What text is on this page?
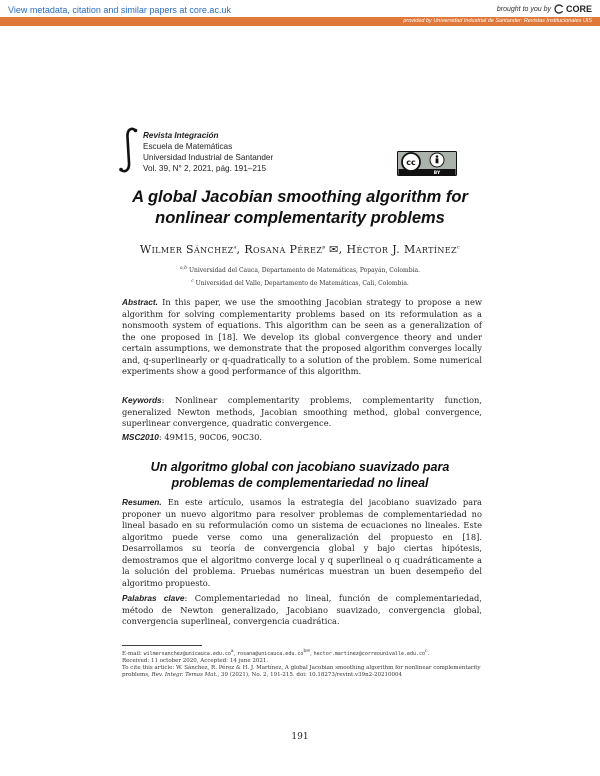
View metadata, citation and similar papers at core.ac.uk	brought to you by CORE
provided by Universidad Industrial de Santander: Revistas Institucionales UIS
Revista Integración
Escuela de Matemáticas
Universidad Industrial de Santander
Vol. 39, N° 2, 2021, pág. 191–215
cc
BY
A global Jacobian smoothing algorithm for
nonlinear complementarity problems
Wilmer Sánchez$^a$, Rosana Pérez$^b$ ✉, Héctor J. Martínez$^c$
$^{a,b}$ Universidad del Cauca, Departamento de Matemáticas, Popayán, Colombia.
$^c$ Universidad del Valle, Departamento de Matemáticas, Cali, Colombia.
Abstract. In this paper, we use the smoothing Jacobian strategy to propose a new algorithm for solving complementarity problems based on its reformulation as a nonsmooth system of equations. This algorithm can be seen as a generalization of the one proposed in [18]. We develop its global convergence theory and under certain assumptions, we demonstrate that the proposed algorithm converges locally and, q-superlinearly or q-quadratically to a solution of the problem. Some numerical experiments show a good performance of this algorithm.
Keywords: Nonlinear complementarity problems, complementarity function, generalized Newton methods, Jacobian smoothing method, global convergence, superlinear convergence, quadratic convergence.
MSC2010: 49M15, 90C06, 90C30.
Un algoritmo global con jacobiano suavizado para
problemas de complementariedad no lineal
Resumen. En este artículo, usamos la estrategia del jacobiano suavizado para proponer un nuevo algoritmo para resolver problemas de complementariedad no lineal basado en su reformulación como un sistema de ecuaciones no lineales. Este algoritmo puede verse como una generalización del propuesto en [18]. Desarrollamos su teoría de convergencia global y bajo ciertas hipótesis, demostramos que el algoritmo converge local y q superlineal o q cuadráticamente a la solución del problema. Pruebas numéricas muestran un buen desempeño del algoritmo propuesto.
Palabras clave: Complementariedad no lineal, función de complementariedad, método de Newton generalizado, Jacobiano suavizado, convergencia global, convergencia superlineal, convergencia cuadrática.
E-mail: $wilmersanchez@unicauca.edu.co^a$, $rosana@unicauca.edu.co^{b✉}$, $hector.martinez@correounivalle.edu.co^c$.
Received: 11 october 2020, Accepted: 14 june 2021.
To cite this article: W. Sánchez, R. Pérez & H. J. Martínez, A global Jacobian smoothing algorithm for nonlinear complementarity problems, Rev. Integr. Temas Mat., 39 (2021), No. 2, 191-215. doi: 10.18273/revint.v39n2-20210004
191
